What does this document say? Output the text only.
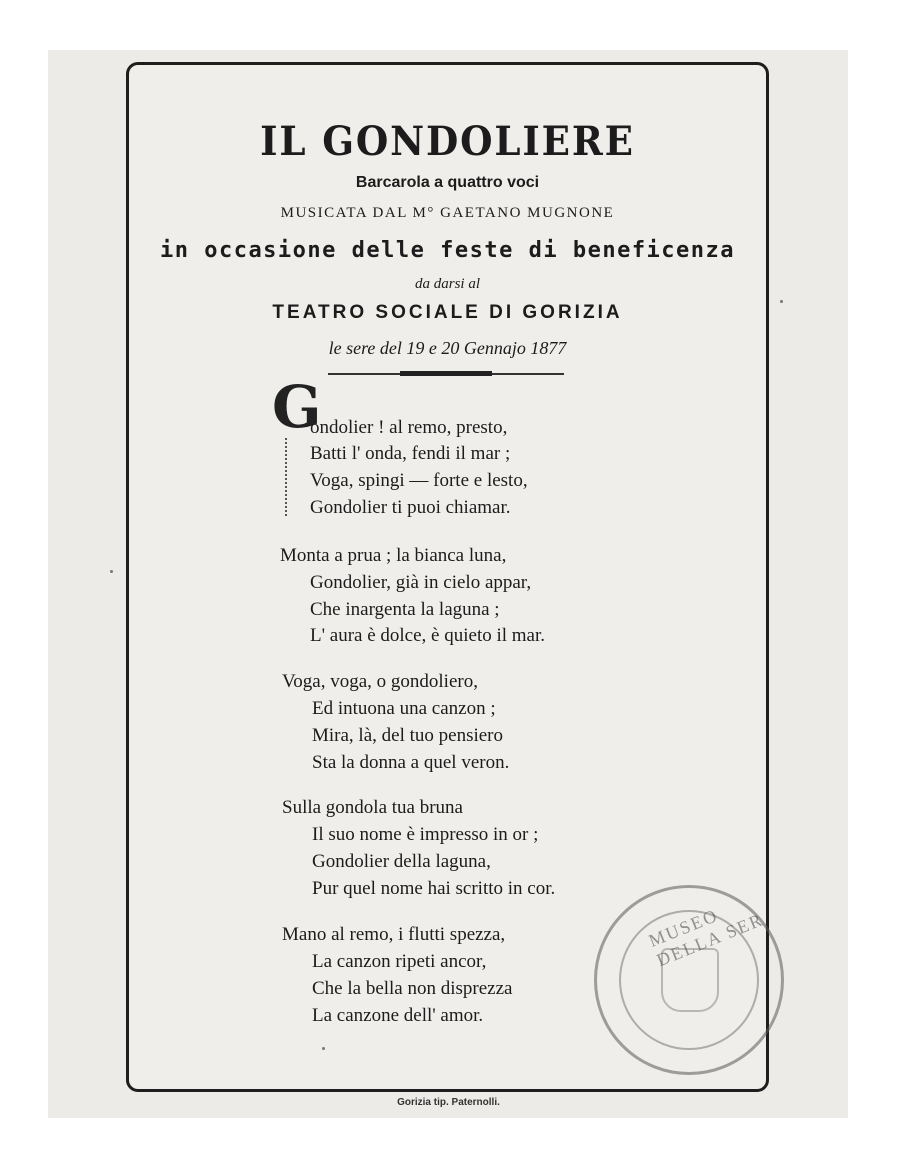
IL GONDOLIERE
Barcarola a quattro voci
MUSICATA DAL M° GAETANO MUGNONE
in occasione delle feste di beneficenza
da darsi al
TEATRO SOCIALE DI GORIZIA
le sere del 19 e 20 Gennajo 1877
G
ondolier ! al remo, presto,
Batti l' onda, fendi il mar ;
Voga, spingi — forte e lesto,
Gondolier ti puoi chiamar.
Monta a prua ; la bianca luna,
Gondolier, già in cielo appar,
Che inargenta la laguna ;
L' aura è dolce, è quieto il mar.
Voga, voga, o gondoliero,
Ed intuona una canzon ;
Mira, là, del tuo pensiero
Sta la donna a quel veron.
Sulla gondola tua bruna
Il suo nome è impresso in or ;
Gondolier della laguna,
Pur quel nome hai scritto in cor.
Mano al remo, i flutti spezza,
La canzon ripeti ancor,
Che la bella non disprezza
La canzone dell' amor.
MUSEO DELLA SER
Gorizia tip. Paternolli.
